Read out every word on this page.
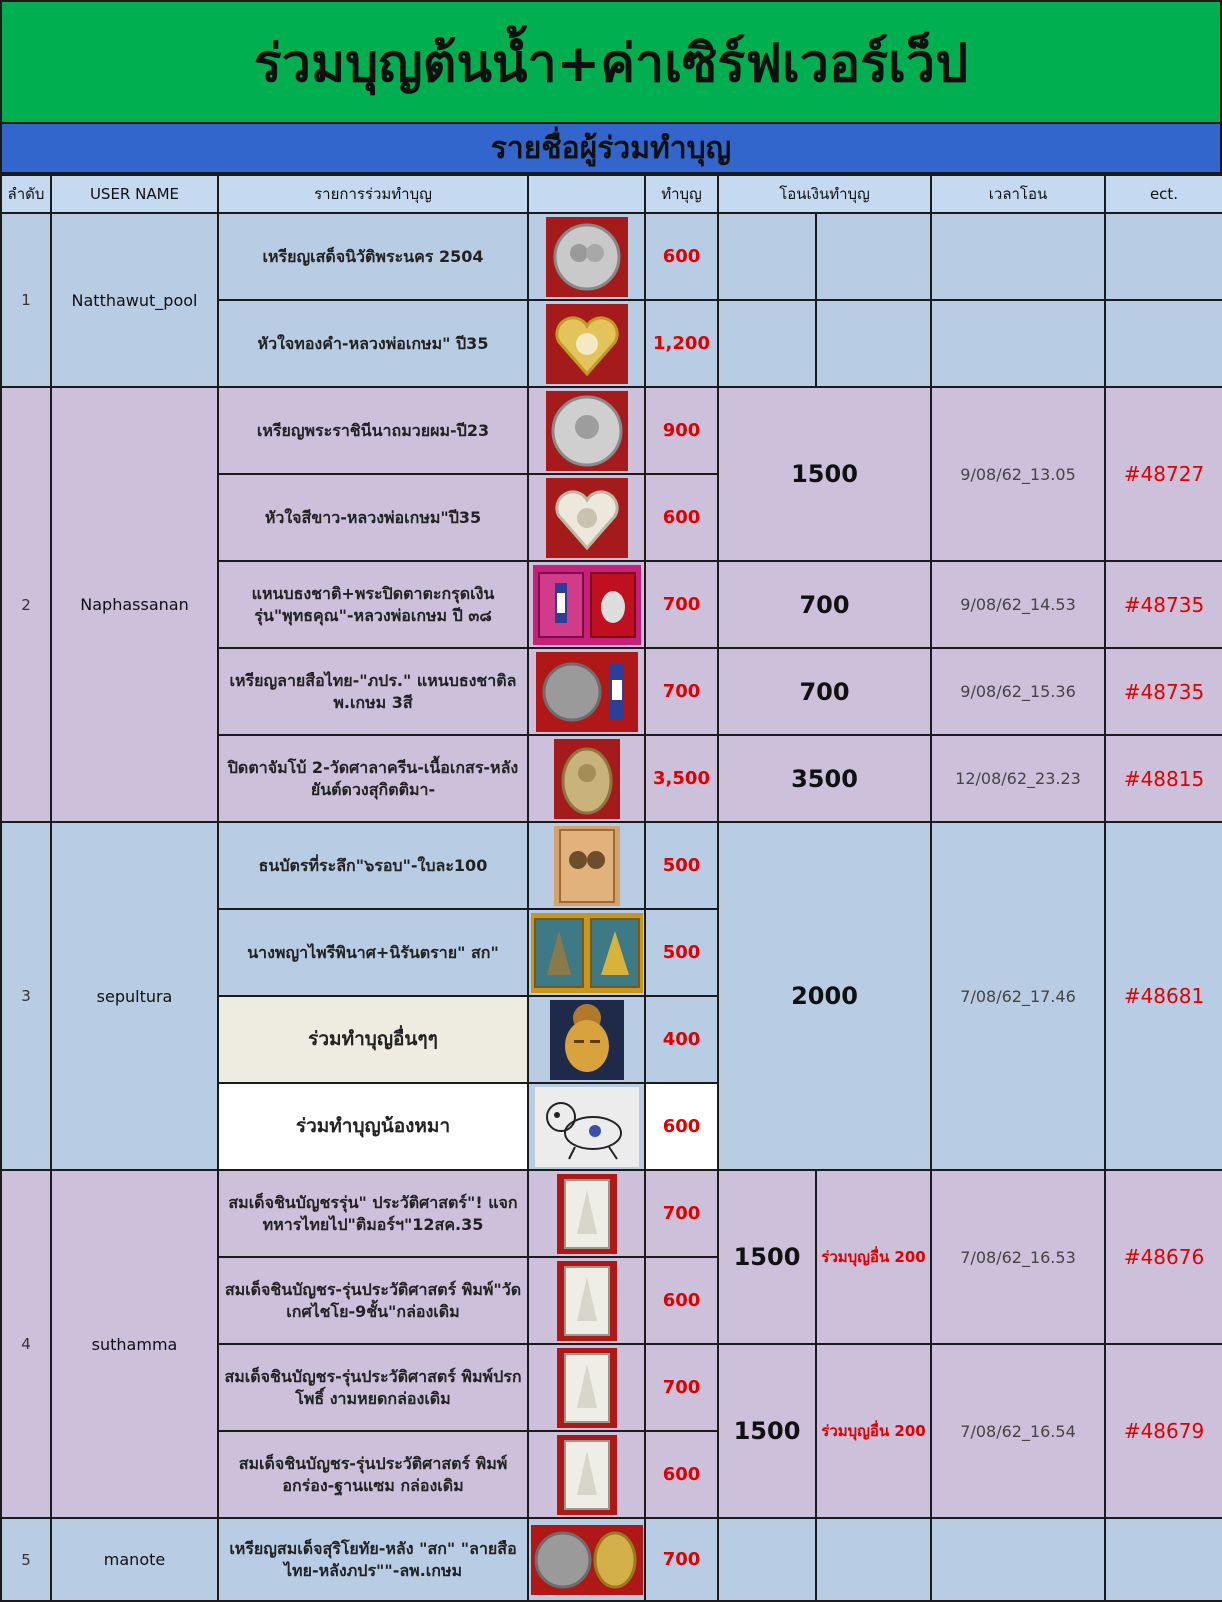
ร่วมบุญต้นน้ำ+ค่าเซิร์ฟเวอร์เว็ป
รายชื่อผู้ร่วมทำบุญ
ลำดับ	USER NAME	รายการร่วมทำบุญ		ทำบุญ	โอนเงินทำบุญ		เวลาโอน	ect.
1	Natthawut_pool	เหรียญเสด็จนิวัติพระนคร 2504		600				
		หัวใจทองคำ-หลวงพ่อเกษม" ปี35		1,200				
2	Naphassanan	เหรียญพระราชินีนาถมวยผม-ปี23		900	1500		9/08/62_13.05	#48727
		หัวใจสีขาว-หลวงพ่อเกษม"ปี35		600				
		แหนบธงชาติ+พระปิดตาตะกรุดเงิน รุ่น"พุทธคุณ"-หลวงพ่อเกษม ปี ๓๘		700	700		9/08/62_14.53	#48735
		เหรียญลายสือไทย-"ภปร." แหนบธงชาติลพ.เกษม 3สี		700	700		9/08/62_15.36	#48735
		ปิดตาจัมโบ้ 2-วัดศาลาครีน-เนื้อเกสร-หลังยันต์ดวงสุกิตติมา-		3,500	3500		12/08/62_23.23	#48815
3	sepultura	ธนบัตรที่ระลึก"๖รอบ"-ใบละ100		500	2000		7/08/62_17.46	#48681
		นางพญาไพรีพินาศ+นิรันตราย" สก"		500				
		ร่วมทำบุญอื่นๆๆ		400				
		ร่วมทำบุญน้องหมา		600				
4	suthamma	สมเด็จชินบัญชรรุ่น" ประวัติศาสตร์"! แจกทหารไทยไป"ติมอร์ฯ"12สค.35		700	1500	ร่วมบุญอื่น 200	7/08/62_16.53	#48676
		สมเด็จชินบัญชร-รุ่นประวัติศาสตร์ พิมพ์"วัดเกศไชโย-9ชั้น"กล่องเดิม		600				
		สมเด็จชินบัญชร-รุ่นประวัติศาสตร์ พิมพ์ปรกโพธิ์ งามหยดกล่องเดิม		700	1500	ร่วมบุญอื่น 200	7/08/62_16.54	#48679
		สมเด็จชินบัญชร-รุ่นประวัติศาสตร์ พิมพ์อกร่อง-ฐานแซม กล่องเดิม		600				
5	manote	เหรียญสมเด็จสุริโยทัย-หลัง "สก" "ลายสือไทย-หลังภปร""-ลพ.เกษม		700				
